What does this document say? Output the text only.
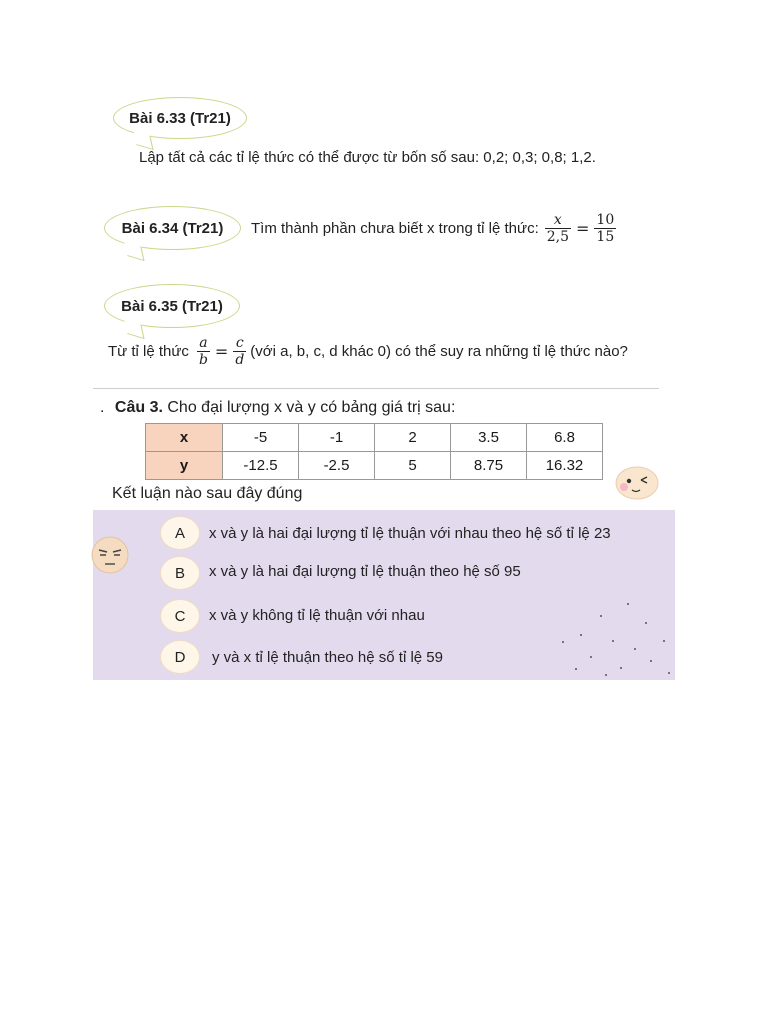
Bài 6.33 (Tr21)
Lập tất cả các tỉ lệ thức có thể được từ bốn số sau: 0,2; 0,3; 0,8; 1,2.
Bài 6.34 (Tr21) Tìm thành phần chưa biết x trong tỉ lệ thức: $\frac{x}{2,5} = \frac{10}{15}$
Bài 6.35 (Tr21)
Từ tỉ lệ thức $\frac{a}{b} = \frac{c}{d}$ (với a, b, c, d khác 0) có thể suy ra những tỉ lệ thức nào?
. Câu 3. Cho đại lượng x và y có bảng giá trị sau:
x	-5	-1	2	3.5	6.8
y	-12.5	-2.5	5	8.75	16.32
Kết luận nào sau đây đúng
A x và y là hai đại lượng tỉ lệ thuận với nhau theo hệ số tỉ lệ 23
B x và y là hai đại lượng tỉ lệ thuận theo hệ số 95
C x và y không tỉ lệ thuận với nhau
D y và x tỉ lệ thuận theo hệ số tỉ lệ 59
